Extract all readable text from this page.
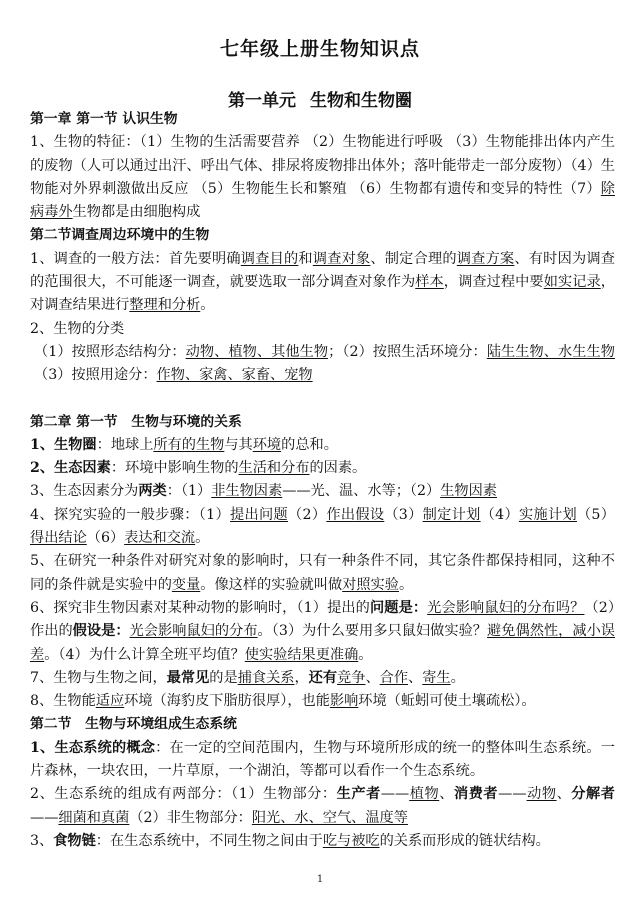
七年级上册生物知识点
第一单元 生物和生物圈

第一章 第一节 认识生物

1、生物的特征：（1）生物的生活需要营养 （2）生物能进行呼吸 （3）生物能排出体内产生的废物（人可以通过出汗、呼出气体、排尿将废物排出体外；落叶能带走一部分废物）（4）生物能对外界刺激做出反应 （5）生物能生长和繁殖 （6）生物都有遗传和变异的特性（7）除病毒外生物都是由细胞构成

第二节调查周边环境中的生物

1、调查的一般方法：首先要明确调查目的和调查对象、制定合理的调查方案、有时因为调查的范围很大，不可能逐一调查，就要选取一部分调查对象作为样本，调查过程中要如实记录，对调查结果进行整理和分析。

2、生物的分类

（1）按照形态结构分：动物、植物、其他生物；（2）按照生活环境分：陆生生物、水生生物（3）按照用途分：作物、家禽、家畜、宠物

第二章 第一节　生物与环境的关系

1、生物圈：地球上所有的生物与其环境的总和。

2、生态因素：环境中影响生物的生活和分布的因素。

3、生态因素分为两类：（1）非生物因素——光、温、水等；（2）生物因素

4、探究实验的一般步骤：（1）提出问题（2）作出假设（3）制定计划（4）实施计划（5）得出结论（6）表达和交流。

5、在研究一种条件对研究对象的影响时，只有一种条件不同，其它条件都保持相同，这种不同的条件就是实验中的变量。像这样的实验就叫做对照实验。

6、探究非生物因素对某种动物的影响时，（1）提出的问题是：光会影响鼠妇的分布吗？（2）作出的假设是：光会影响鼠妇的分布。（3）为什么要用多只鼠妇做实验？避免偶然性，减小误差。（4）为什么计算全班平均值？使实验结果更准确。

7、生物与生物之间，最常见的是捕食关系，还有竞争、合作、寄生。

8、生物能适应环境（海豹皮下脂肪很厚），也能影响环境（蚯蚓可使土壤疏松）。

第二节　生物与环境组成生态系统

1、生态系统的概念：在一定的空间范围内，生物与环境所形成的统一的整体叫生态系统。一片森林，一块农田，一片草原，一个湖泊，等都可以看作一个生态系统。

2、生态系统的组成有两部分：（1）生物部分：生产者——植物、消费者——动物、分解者——细菌和真菌（2）非生物部分：阳光、水、空气、温度等

3、食物链：在生态系统中，不同生物之间由于吃与被吃的关系而形成的链状结构。

1
